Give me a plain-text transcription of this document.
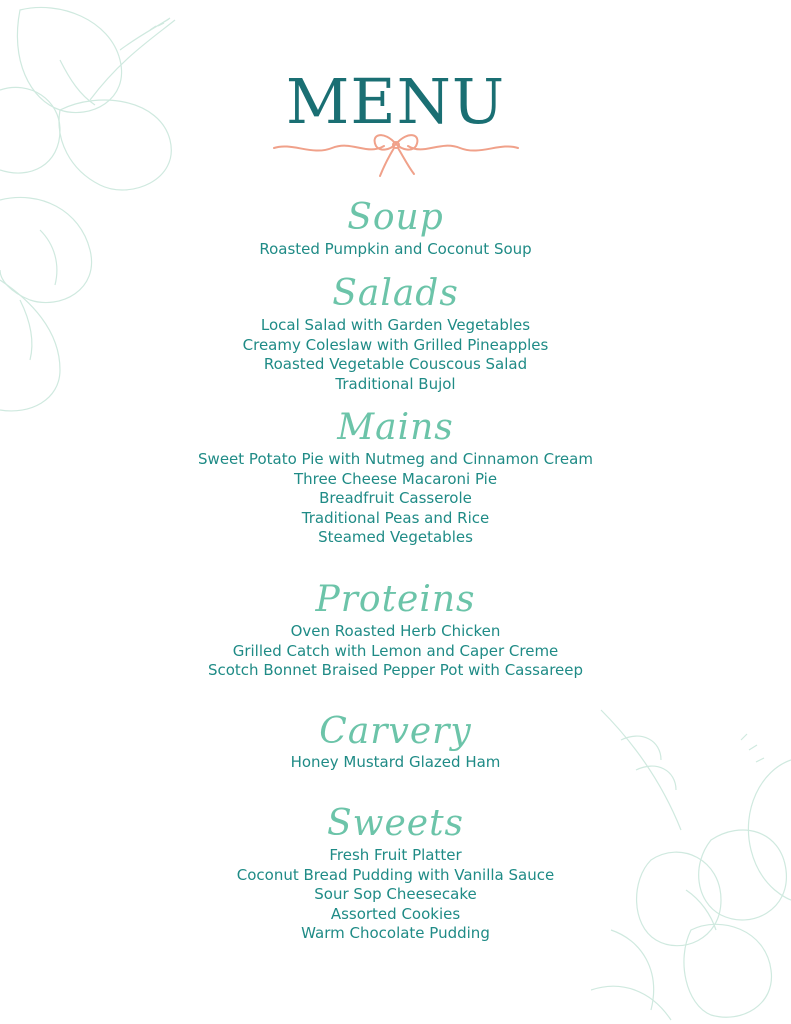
MENU
Soup
Roasted Pumpkin and Coconut Soup
Salads
Local Salad with Garden Vegetables
Creamy Coleslaw with Grilled Pineapples
Roasted Vegetable Couscous Salad
Traditional Bujol
Mains
Sweet Potato Pie with Nutmeg and Cinnamon Cream
Three Cheese Macaroni Pie
Breadfruit Casserole
Traditional Peas and Rice
Steamed Vegetables
Proteins
Oven Roasted Herb Chicken
Grilled Catch with Lemon and Caper Creme
Scotch Bonnet Braised Pepper Pot with Cassareep
Carvery
Honey Mustard Glazed Ham
Sweets
Fresh Fruit Platter
Coconut Bread Pudding with Vanilla Sauce
Sour Sop Cheesecake
Assorted Cookies
Warm Chocolate Pudding
